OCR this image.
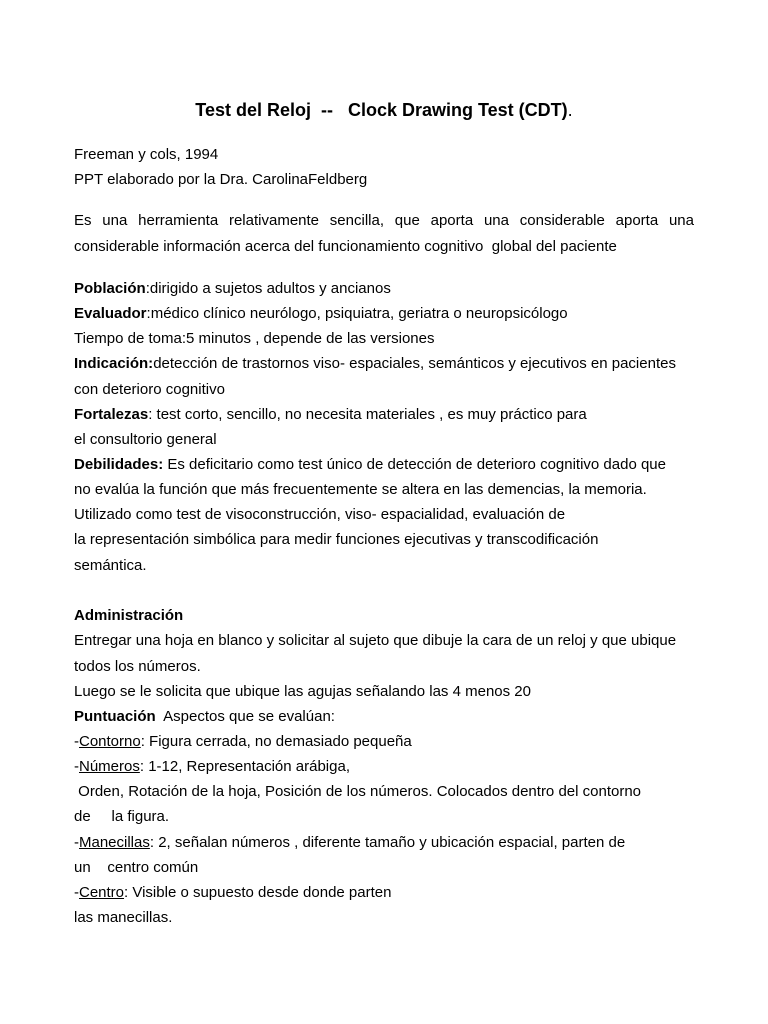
Test del Reloj  --   Clock Drawing Test (CDT).

Freeman y cols, 1994

PPT elaborado por la Dra. CarolinaFeldberg

Es una herramienta relativamente sencilla, que aporta una considerable aporta una

considerable información acerca del funcionamiento cognitivo  global del paciente

Población:dirigido a sujetos adultos y ancianos

Evaluador:médico clínico neurólogo, psiquiatra, geriatra o neuropsicólogo

Tiempo de toma:5 minutos , depende de las versiones

Indicación:detección de trastornos viso- espaciales, semánticos y ejecutivos en pacientes

con deterioro cognitivo

Fortalezas: test corto, sencillo, no necesita materiales , es muy práctico para

el consultorio general

Debilidades: Es deficitario como test único de detección de deterioro cognitivo dado que

no evalúa la función que más frecuentemente se altera en las demencias, la memoria.

Utilizado como test de visoconstrucción, viso- espacialidad, evaluación de

la representación simbólica para medir funciones ejecutivas y transcodificación

semántica.

Administración

Entregar una hoja en blanco y solicitar al sujeto que dibuje la cara de un reloj y que ubique

todos los números.

Luego se le solicita que ubique las agujas señalando las 4 menos 20

Puntuación  Aspectos que se evalúan:

-Contorno: Figura cerrada, no demasiado pequeña

-Números: 1-12, Representación arábiga,

Orden, Rotación de la hoja, Posición de los números. Colocados dentro del contorno

de     la figura.

-Manecillas: 2, señalan números , diferente tamaño y ubicación espacial, parten de

un    centro común

-Centro: Visible o supuesto desde donde parten

las manecillas.
